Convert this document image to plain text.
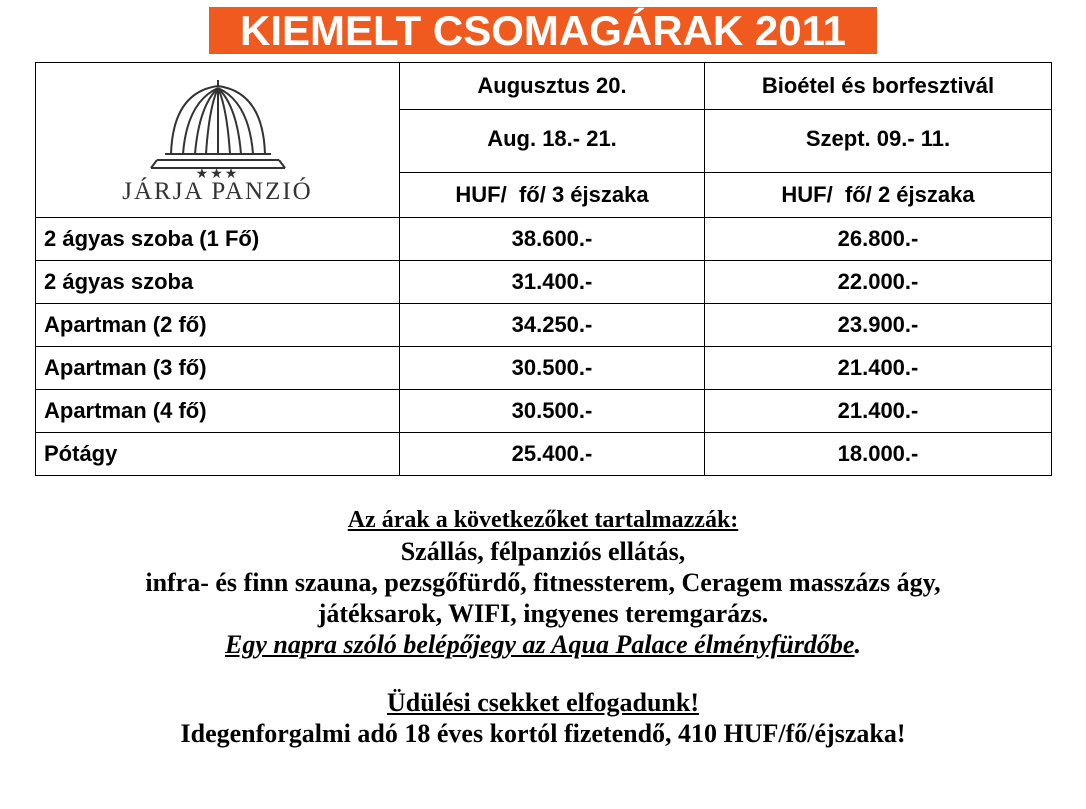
KIEMELT CSOMAGÁRAK 2011
★★★
JÁRJA PANZIÓ	Augusztus 20.	Bioétel és borfesztivál
	Aug. 18.- 21.	Szept. 09.- 11.
	HUF/  fő/ 3 éjszaka	HUF/  fő/ 2 éjszaka
2 ágyas szoba (1 Fő)	38.600.-	26.800.-
2 ágyas szoba	31.400.-	22.000.-
Apartman (2 fő)	34.250.-	23.900.-
Apartman (3 fő)	30.500.-	21.400.-
Apartman (4 fő)	30.500.-	21.400.-
Pótágy	25.400.-	18.000.-
Az árak a következőket tartalmazzák:
Szállás, félpanziós ellátás,
infra- és finn szauna, pezsgőfürdő, fitnessterem, Ceragem masszázs ágy,
játéksarok, WIFI, ingyenes teremgarázs.
Egy napra szóló belépőjegy az Aqua Palace élményfürdőbe.
Üdülési csekket elfogadunk!
Idegenforgalmi adó 18 éves kortól fizetendő, 410 HUF/fő/éjszaka!
